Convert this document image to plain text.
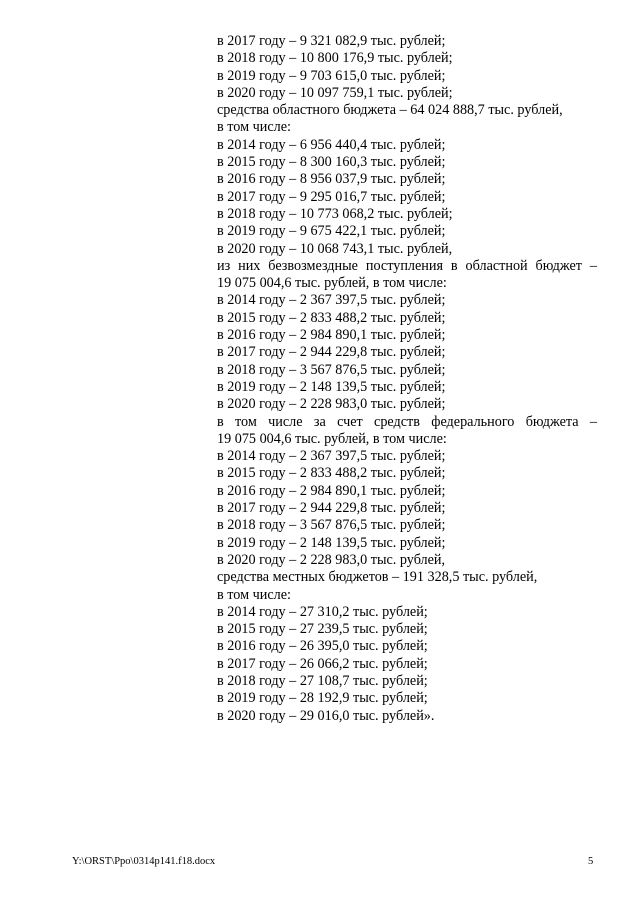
в 2017 году – 9 321 082,9 тыс. рублей;

в 2018 году – 10 800 176,9 тыс. рублей;

в 2019 году – 9 703 615,0 тыс. рублей;

в 2020 году – 10 097 759,1 тыс. рублей;

средства областного бюджета – 64 024 888,7 тыс. рублей,

в том числе:

в 2014 году – 6 956 440,4 тыс. рублей;

в 2015 году – 8 300 160,3 тыс. рублей;

в 2016 году – 8 956 037,9 тыс. рублей;

в 2017 году – 9 295 016,7 тыс. рублей;

в 2018 году – 10 773 068,2 тыс. рублей;

в 2019 году – 9 675 422,1 тыс. рублей;

в 2020 году – 10 068 743,1 тыс. рублей,

из них безвозмездные поступления в областной бюджет –

19 075 004,6 тыс. рублей, в том числе:

в 2014 году – 2 367 397,5 тыс. рублей;

в 2015 году – 2 833 488,2 тыс. рублей;

в 2016 году – 2 984 890,1 тыс. рублей;

в 2017 году – 2 944 229,8 тыс. рублей;

в 2018 году – 3 567 876,5 тыс. рублей;

в 2019 году – 2 148 139,5 тыс. рублей;

в 2020 году – 2 228 983,0 тыс. рублей;

в том числе за счет средств федерального бюджета –

19 075 004,6 тыс. рублей, в том числе:

в 2014 году – 2 367 397,5 тыс. рублей;

в 2015 году – 2 833 488,2 тыс. рублей;

в 2016 году – 2 984 890,1 тыс. рублей;

в 2017 году – 2 944 229,8 тыс. рублей;

в 2018 году – 3 567 876,5 тыс. рублей;

в 2019 году – 2 148 139,5 тыс. рублей;

в 2020 году – 2 228 983,0 тыс. рублей,

средства местных бюджетов – 191 328,5 тыс. рублей,

в том числе:

в 2014 году – 27 310,2 тыс. рублей;

в 2015 году – 27 239,5 тыс. рублей;

в 2016 году – 26 395,0 тыс. рублей;

в 2017 году – 26 066,2 тыс. рублей;

в 2018 году – 27 108,7 тыс. рублей;

в 2019 году – 28 192,9 тыс. рублей;

в 2020 году – 29 016,0 тыс. рублей».

Y:\ORST\Ppo\0314p141.f18.docx	5
